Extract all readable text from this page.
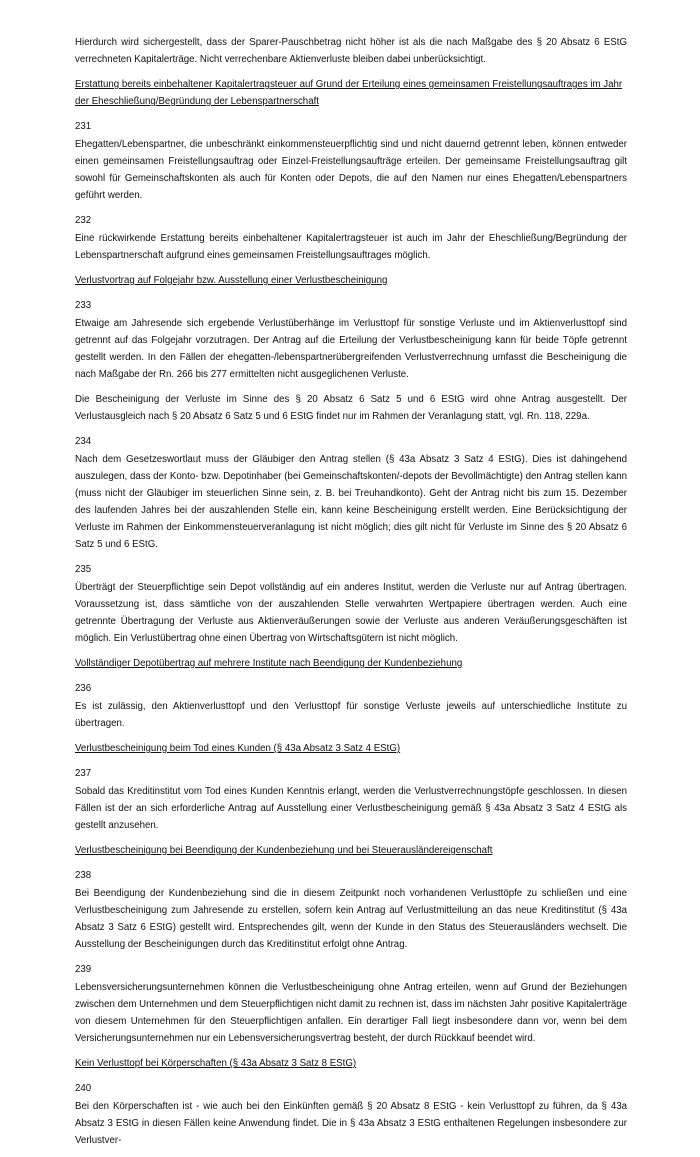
Hierdurch wird sichergestellt, dass der Sparer-Pauschbetrag nicht höher ist als die nach Maßgabe des § 20 Absatz 6 EStG verrechneten Kapitalerträge. Nicht verrechenbare Aktienverluste bleiben dabei unberücksichtigt.

Erstattung bereits einbehaltener Kapitalertragsteuer auf Grund der Erteilung eines gemeinsamen Freistellungsauftrages im Jahr der Eheschließung/Begründung der Lebenspartnerschaft
231

Ehegatten/Lebenspartner, die unbeschränkt einkommensteuerpflichtig sind und nicht dauernd getrennt leben, können entweder einen gemeinsamen Freistellungsauftrag oder Einzel-Freistellungsaufträge erteilen. Der gemeinsame Freistellungsauftrag gilt sowohl für Gemeinschaftskonten als auch für Konten oder Depots, die auf den Namen nur eines Ehegatten/Lebenspartners geführt werden.

232

Eine rückwirkende Erstattung bereits einbehaltener Kapitalertragsteuer ist auch im Jahr der Eheschließung/Begründung der Lebenspartnerschaft aufgrund eines gemeinsamen Freistellungsauftrages möglich.

Verlustvortrag auf Folgejahr bzw. Ausstellung einer Verlustbescheinigung
233

Etwaige am Jahresende sich ergebende Verlustüberhänge im Verlusttopf für sonstige Verluste und im Aktienverlusttopf sind getrennt auf das Folgejahr vorzutragen. Der Antrag auf die Erteilung der Verlustbescheinigung kann für beide Töpfe getrennt gestellt werden. In den Fällen der ehegatten-/lebenspartnerübergreifenden Verlustverrechnung umfasst die Bescheinigung die nach Maßgabe der Rn. 266 bis 277 ermittelten nicht ausgeglichenen Verluste.

Die Bescheinigung der Verluste im Sinne des § 20 Absatz 6 Satz 5 und 6 EStG wird ohne Antrag ausgestellt. Der Verlustausgleich nach § 20 Absatz 6 Satz 5 und 6 EStG findet nur im Rahmen der Veranlagung statt, vgl. Rn. 118, 229a.

234

Nach dem Gesetzeswortlaut muss der Gläubiger den Antrag stellen (§ 43a Absatz 3 Satz 4 EStG). Dies ist dahingehend auszulegen, dass der Konto- bzw. Depotinhaber (bei Gemeinschaftskonten/-depots der Bevollmächtigte) den Antrag stellen kann (muss nicht der Gläubiger im steuerlichen Sinne sein, z. B. bei Treuhandkonto). Geht der Antrag nicht bis zum 15. Dezember des laufenden Jahres bei der auszahlenden Stelle ein, kann keine Bescheinigung erstellt werden. Eine Berücksichtigung der Verluste im Rahmen der Einkommensteuerveranlagung ist nicht möglich; dies gilt nicht für Verluste im Sinne des § 20 Absatz 6 Satz 5 und 6 EStG.

235

Überträgt der Steuerpflichtige sein Depot vollständig auf ein anderes Institut, werden die Verluste nur auf Antrag übertragen. Voraussetzung ist, dass sämtliche von der auszahlenden Stelle verwahrten Wertpapiere übertragen werden. Auch eine getrennte Übertragung der Verluste aus Aktienveräußerungen sowie der Verluste aus anderen Veräußerungsgeschäften ist möglich. Ein Verlustübertrag ohne einen Übertrag von Wirtschaftsgütern ist nicht möglich.

Vollständiger Depotübertrag auf mehrere Institute nach Beendigung der Kundenbeziehung
236

Es ist zulässig, den Aktienverlusttopf und den Verlusttopf für sonstige Verluste jeweils auf unterschiedliche Institute zu übertragen.

Verlustbescheinigung beim Tod eines Kunden (§ 43a Absatz 3 Satz 4 EStG)
237

Sobald das Kreditinstitut vom Tod eines Kunden Kenntnis erlangt, werden die Verlustverrechnungstöpfe geschlossen. In diesen Fällen ist der an sich erforderliche Antrag auf Ausstellung einer Verlustbescheinigung gemäß § 43a Absatz 3 Satz 4 EStG als gestellt anzusehen.

Verlustbescheinigung bei Beendigung der Kundenbeziehung und bei Steuerausländereigenschaft
238

Bei Beendigung der Kundenbeziehung sind die in diesem Zeitpunkt noch vorhandenen Verlusttöpfe zu schließen und eine Verlustbescheinigung zum Jahresende zu erstellen, sofern kein Antrag auf Verlustmitteilung an das neue Kreditinstitut (§ 43a Absatz 3 Satz 6 EStG) gestellt wird. Entsprechendes gilt, wenn der Kunde in den Status des Steuerausländers wechselt. Die Ausstellung der Bescheinigungen durch das Kreditinstitut erfolgt ohne Antrag.

239

Lebensversicherungsunternehmen können die Verlustbescheinigung ohne Antrag erteilen, wenn auf Grund der Beziehungen zwischen dem Unternehmen und dem Steuerpflichtigen nicht damit zu rechnen ist, dass im nächsten Jahr positive Kapitalerträge von diesem Unternehmen für den Steuerpflichtigen anfallen. Ein derartiger Fall liegt insbesondere dann vor, wenn bei dem Versicherungsunternehmen nur ein Lebensversicherungsvertrag besteht, der durch Rückkauf beendet wird.

Kein Verlusttopf bei Körperschaften (§ 43a Absatz 3 Satz 8 EStG)
240

Bei den Körperschaften ist - wie auch bei den Einkünften gemäß § 20 Absatz 8 EStG - kein Verlusttopf zu führen, da § 43a Absatz 3 EStG in diesen Fällen keine Anwendung findet. Die in § 43a Absatz 3 EStG enthaltenen Regelungen insbesondere zur Verlustver-
